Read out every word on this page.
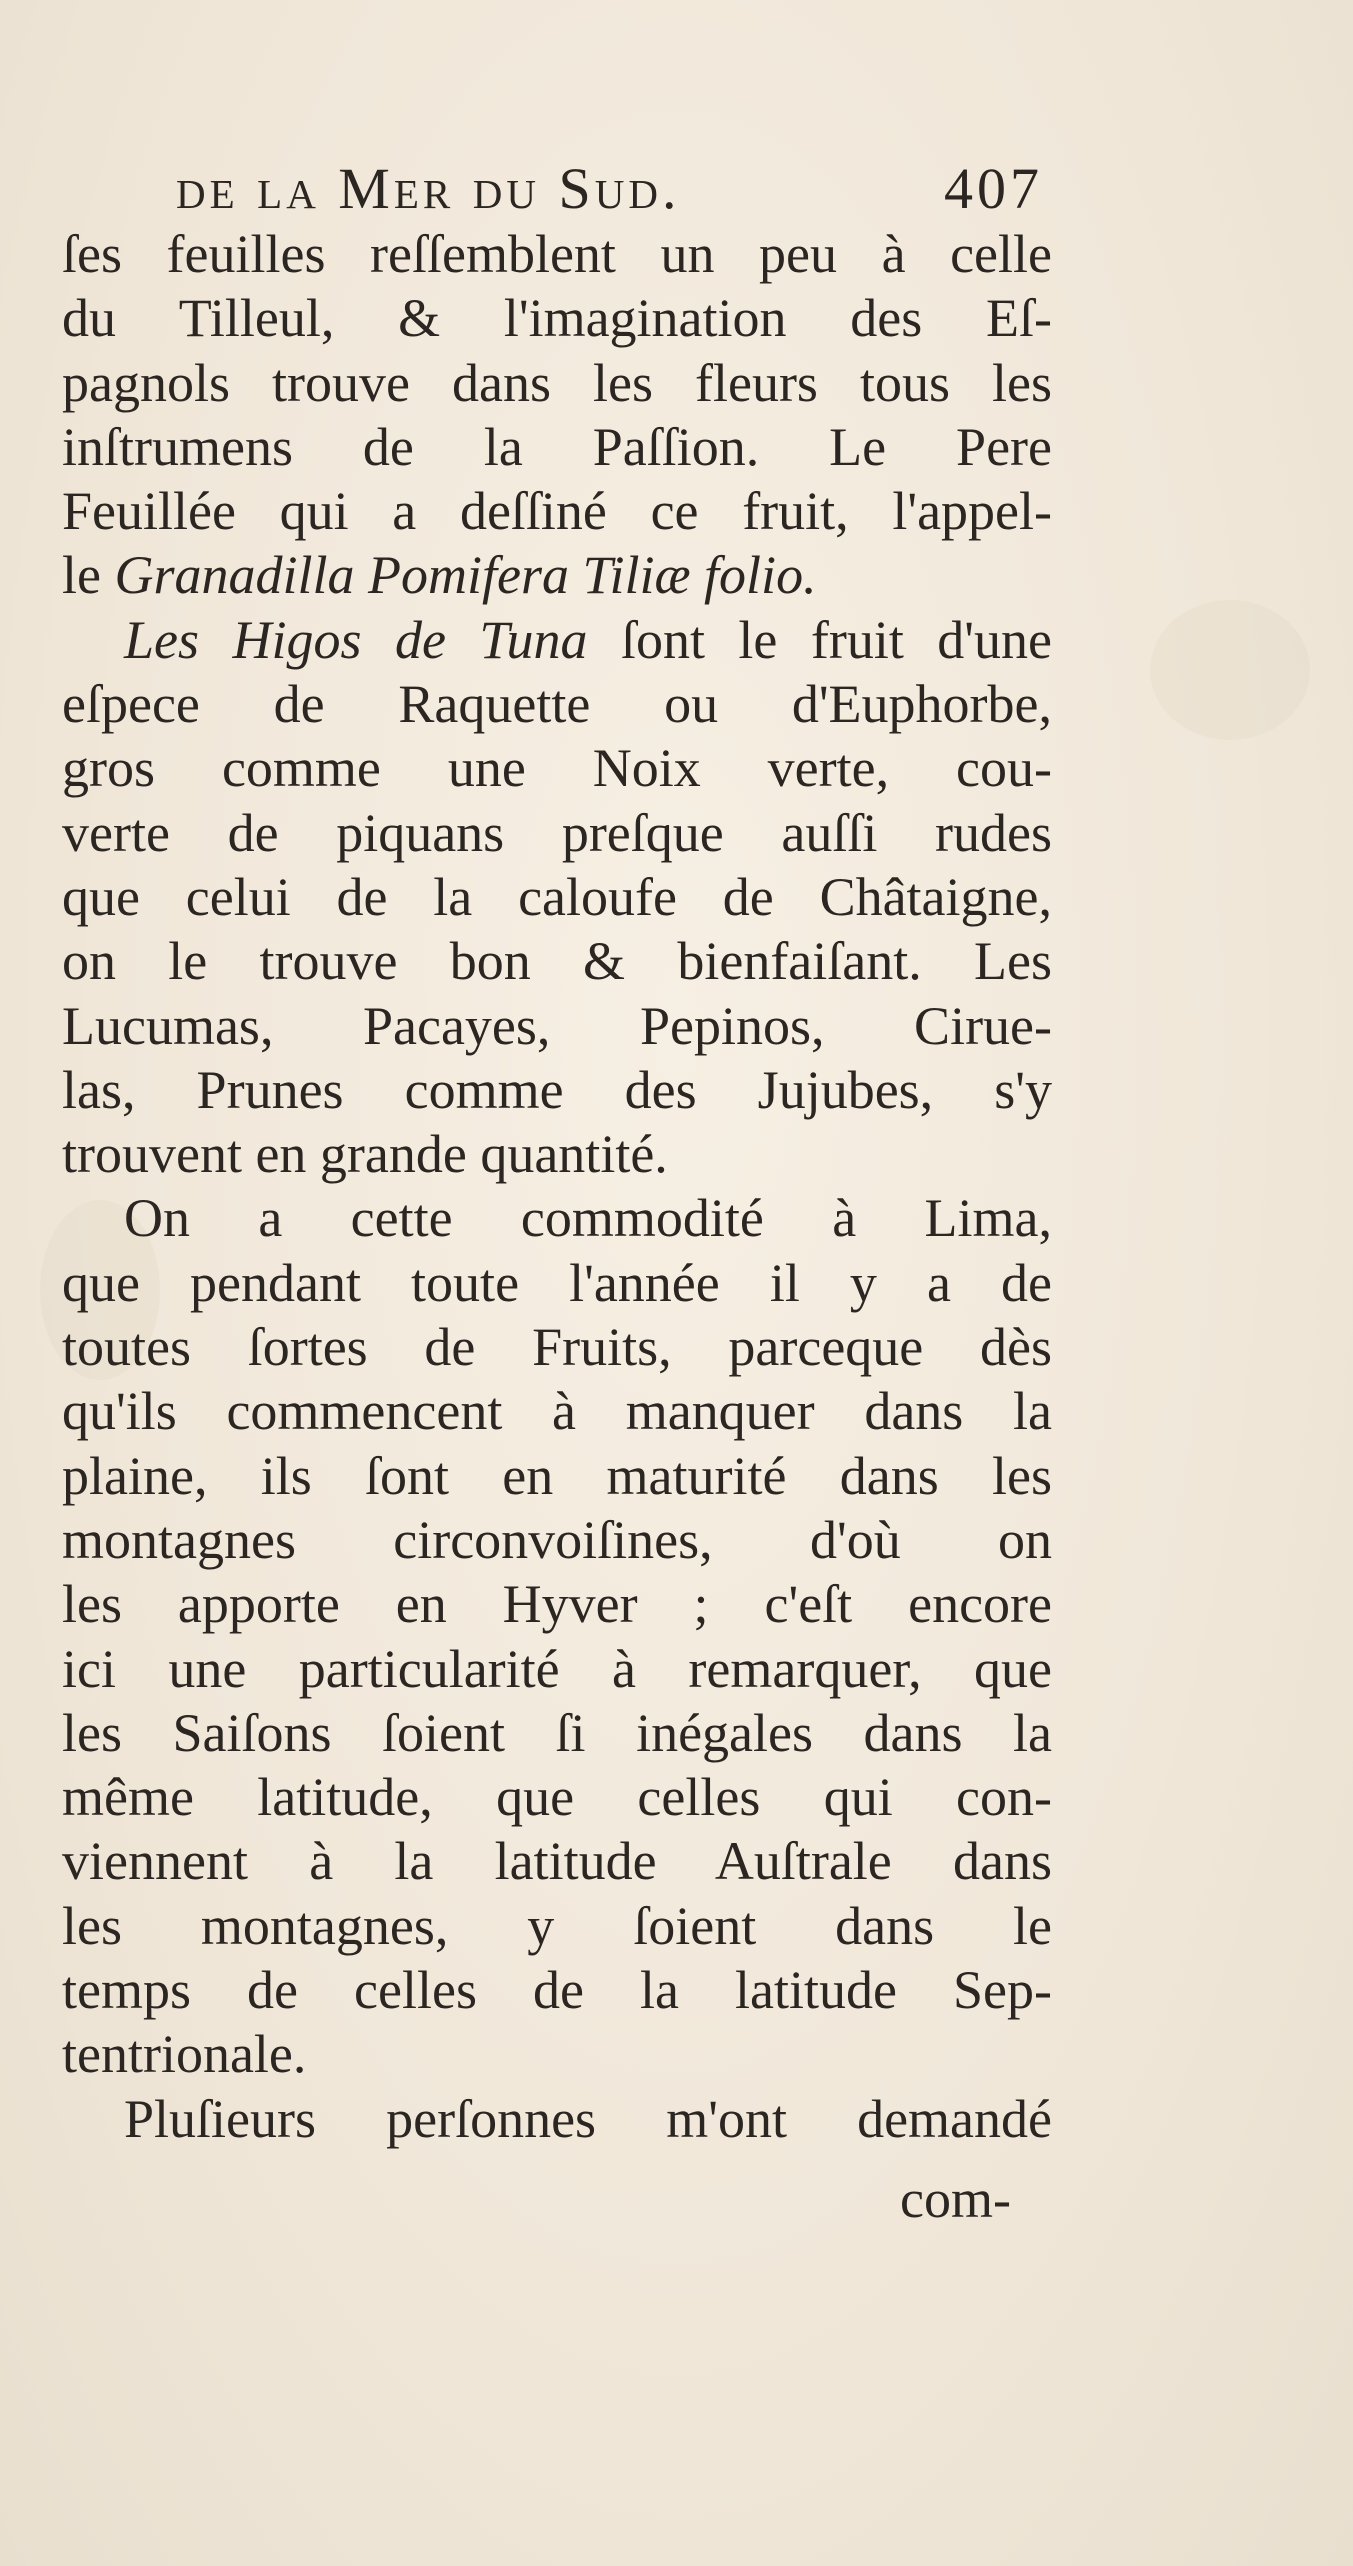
de la Mer du Sud.	407
ſes feuilles reſſemblent un peu à celle
du Tilleul, & l'imagination des Eſ-
pagnols trouve dans les fleurs tous les
inſtrumens de la Paſſion. Le Pere
Feuillée qui a deſſiné ce fruit, l'appel-
le Granadilla Pomifera Tiliæ folio.
Les Higos de Tuna ſont le fruit d'une
eſpece de Raquette ou d'Euphorbe,
gros comme une Noix verte, cou-
verte de piquans preſque auſſi rudes
que celui de la caloufe de Châtaigne,
on le trouve bon & bienfaiſant. Les
Lucumas, Pacayes, Pepinos, Cirue-
las, Prunes comme des Jujubes, s'y
trouvent en grande quantité.
On a cette commodité à Lima,
que pendant toute l'année il y a de
toutes ſortes de Fruits, parceque dès
qu'ils commencent à manquer dans la
plaine, ils ſont en maturité dans les
montagnes circonvoiſines, d'où on
les apporte en Hyver ; c'eſt encore
ici une particularité à remarquer, que
les Saiſons ſoient ſi inégales dans la
même latitude, que celles qui con-
viennent à la latitude Auſtrale dans
les montagnes, y ſoient dans le
temps de celles de la latitude Sep-
tentrionale.
Pluſieurs perſonnes m'ont demandé
com-
